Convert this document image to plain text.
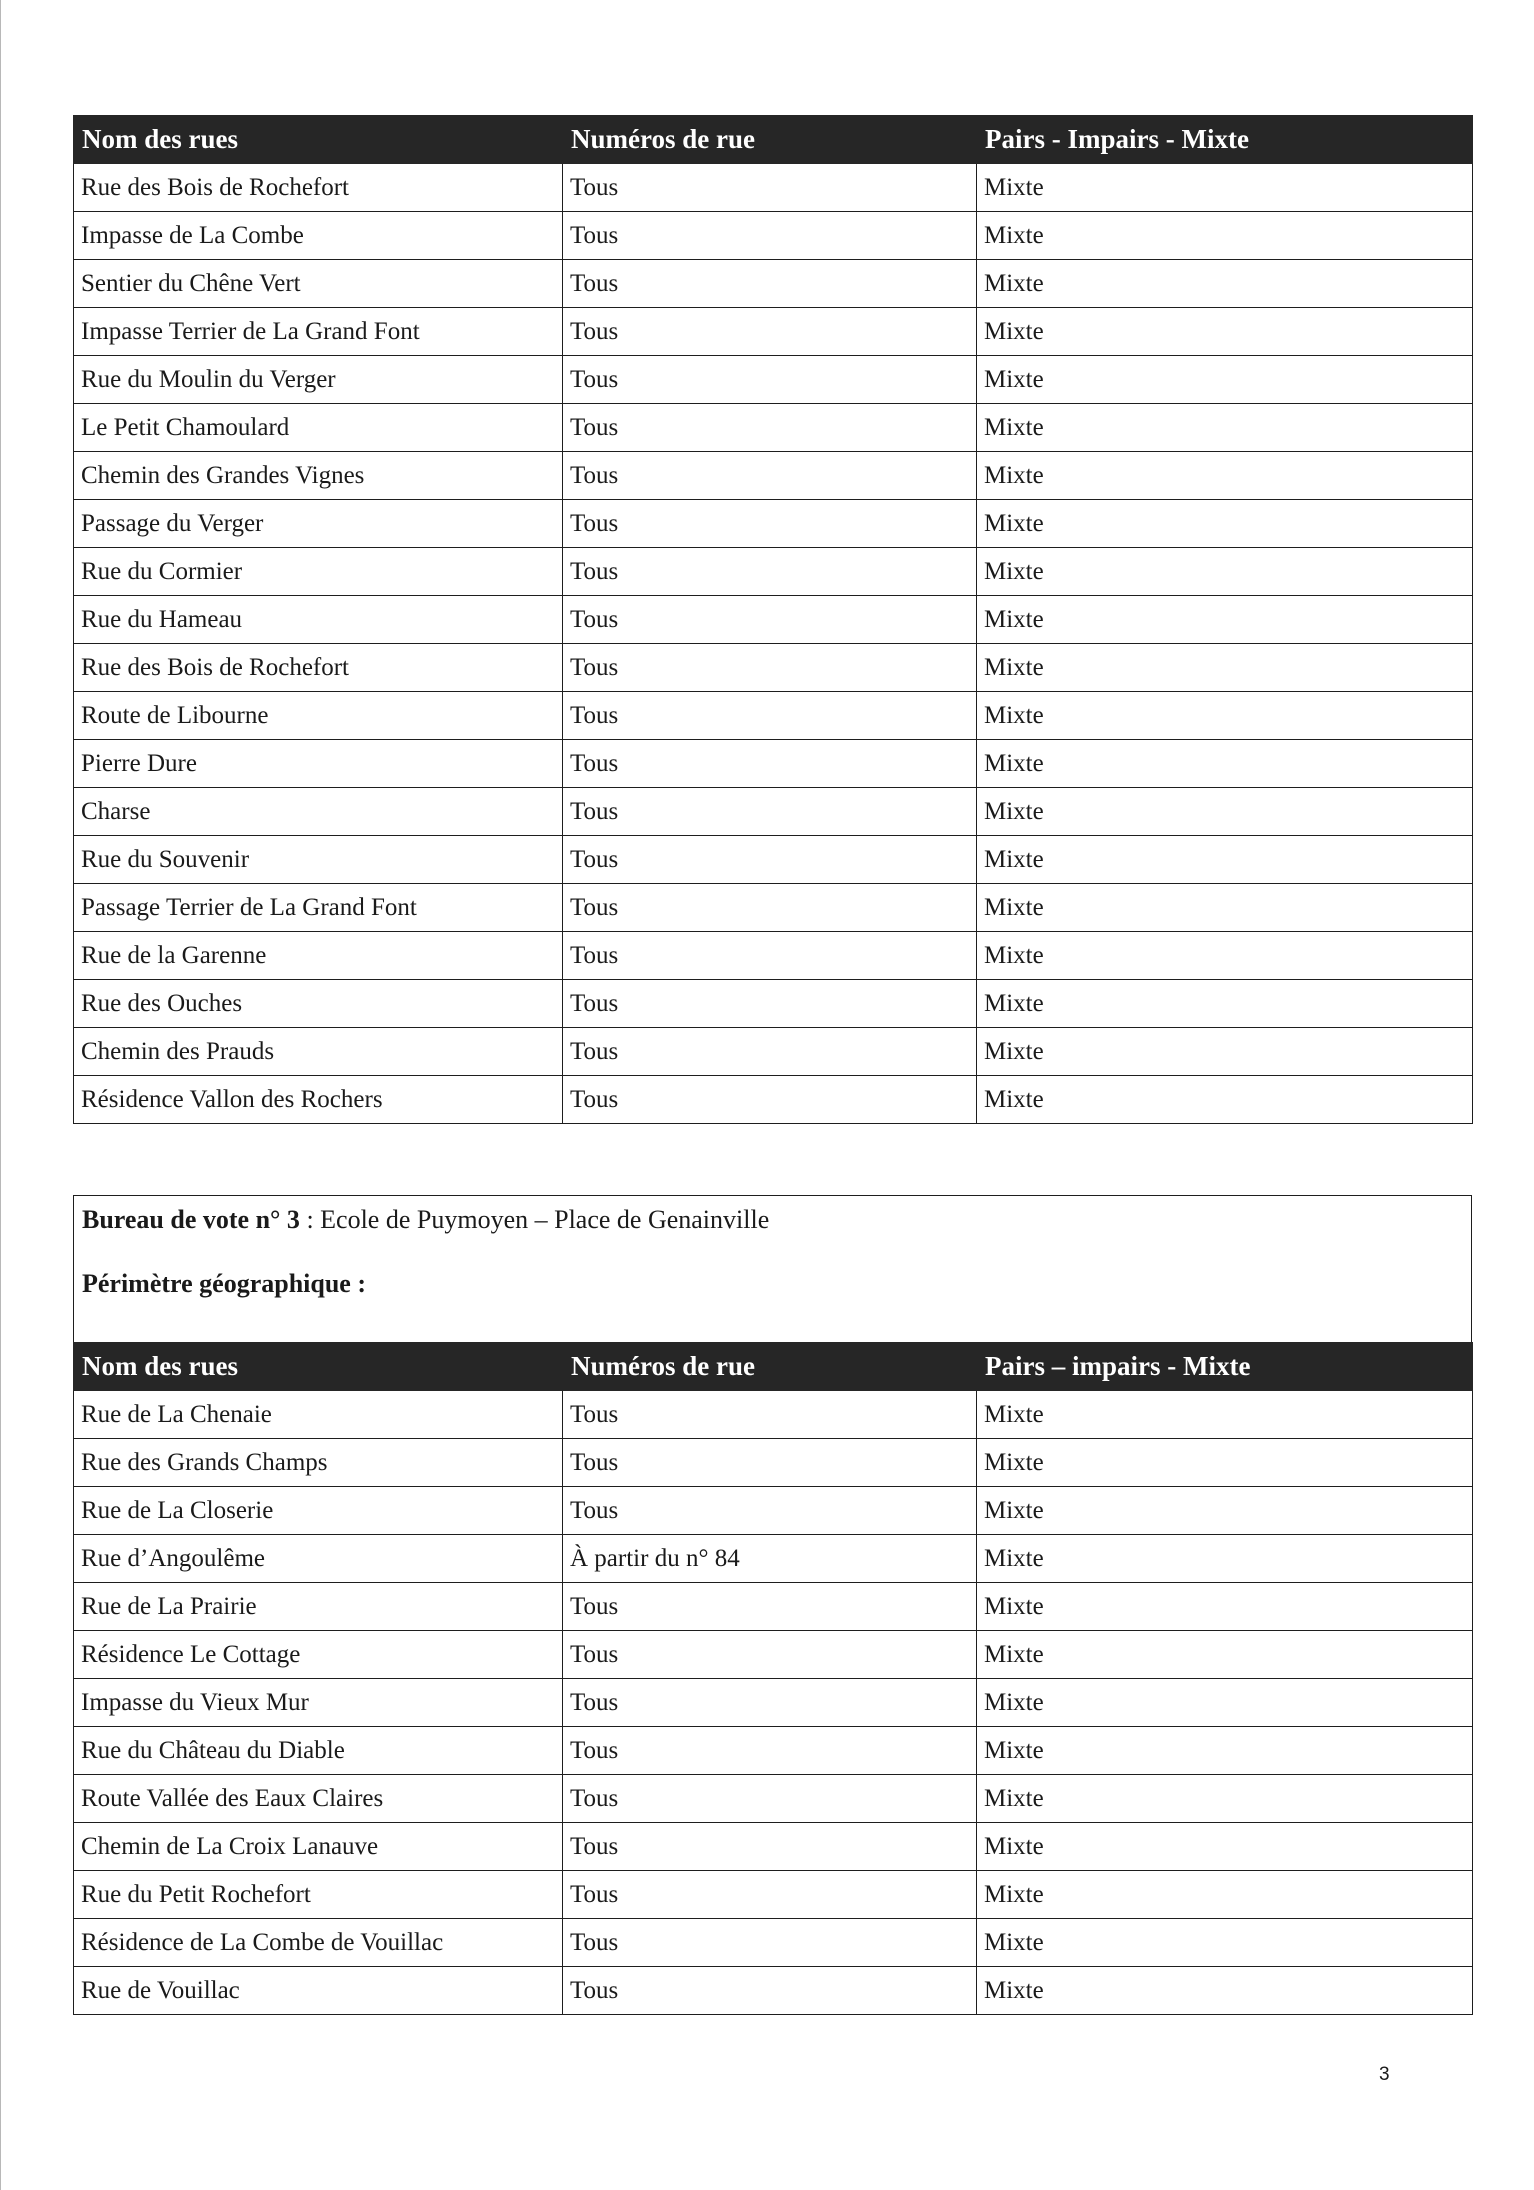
Nom des rues	Numéros de rue	Pairs - Impairs - Mixte
Rue des Bois de Rochefort	Tous	Mixte
Impasse de La Combe	Tous	Mixte
Sentier du Chêne Vert	Tous	Mixte
Impasse Terrier de La Grand Font	Tous	Mixte
Rue du Moulin du Verger	Tous	Mixte
Le Petit Chamoulard	Tous	Mixte
Chemin des Grandes Vignes	Tous	Mixte
Passage du Verger	Tous	Mixte
Rue du Cormier	Tous	Mixte
Rue du Hameau	Tous	Mixte
Rue des Bois de Rochefort	Tous	Mixte
Route de Libourne	Tous	Mixte
Pierre Dure	Tous	Mixte
Charse	Tous	Mixte
Rue du Souvenir	Tous	Mixte
Passage Terrier de La Grand Font	Tous	Mixte
Rue de la Garenne	Tous	Mixte
Rue des Ouches	Tous	Mixte
Chemin des Prauds	Tous	Mixte
Résidence Vallon des Rochers	Tous	Mixte
Bureau de vote n° 3 : Ecole de Puymoyen – Place de Genainville
Périmètre géographique :
Nom des rues	Numéros de rue	Pairs – impairs - Mixte
Rue de La Chenaie	Tous	Mixte
Rue des Grands Champs	Tous	Mixte
Rue de La Closerie	Tous	Mixte
Rue d’Angoulême	À partir du n° 84	Mixte
Rue de La Prairie	Tous	Mixte
Résidence Le Cottage	Tous	Mixte
Impasse du Vieux Mur	Tous	Mixte
Rue du Château du Diable	Tous	Mixte
Route Vallée des Eaux Claires	Tous	Mixte
Chemin de La Croix Lanauve	Tous	Mixte
Rue du Petit Rochefort	Tous	Mixte
Résidence de La Combe de Vouillac	Tous	Mixte
Rue de Vouillac	Tous	Mixte
3
